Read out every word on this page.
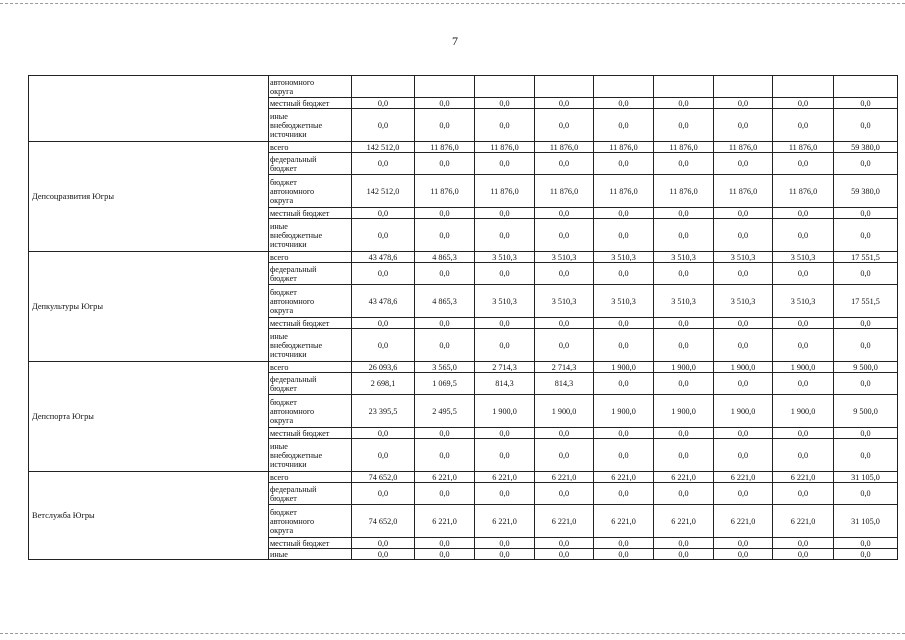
7
	автономного
округа									
	местный бюджет	0,0	0,0	0,0	0,0	0,0	0,0	0,0	0,0	0,0
	иные
внебюджетные
источники	0,0	0,0	0,0	0,0	0,0	0,0	0,0	0,0	0,0
Депсоцразвития Югры	всего	142 512,0	11 876,0	11 876,0	11 876,0	11 876,0	11 876,0	11 876,0	11 876,0	59 380,0
	федеральный
бюджет	0,0	0,0	0,0	0,0	0,0	0,0	0,0	0,0	0,0
	бюджет
автономного
округа	142 512,0	11 876,0	11 876,0	11 876,0	11 876,0	11 876,0	11 876,0	11 876,0	59 380,0
	местный бюджет	0,0	0,0	0,0	0,0	0,0	0,0	0,0	0,0	0,0
	иные
внебюджетные
источники	0,0	0,0	0,0	0,0	0,0	0,0	0,0	0,0	0,0
Депкультуры Югры	всего	43 478,6	4 865,3	3 510,3	3 510,3	3 510,3	3 510,3	3 510,3	3 510,3	17 551,5
	федеральный
бюджет	0,0	0,0	0,0	0,0	0,0	0,0	0,0	0,0	0,0
	бюджет
автономного
округа	43 478,6	4 865,3	3 510,3	3 510,3	3 510,3	3 510,3	3 510,3	3 510,3	17 551,5
	местный бюджет	0,0	0,0	0,0	0,0	0,0	0,0	0,0	0,0	0,0
	иные
внебюджетные
источники	0,0	0,0	0,0	0,0	0,0	0,0	0,0	0,0	0,0
Депспорта Югры	всего	26 093,6	3 565,0	2 714,3	2 714,3	1 900,0	1 900,0	1 900,0	1 900,0	9 500,0
	федеральный
бюджет	2 698,1	1 069,5	814,3	814,3	0,0	0,0	0,0	0,0	0,0
	бюджет
автономного
округа	23 395,5	2 495,5	1 900,0	1 900,0	1 900,0	1 900,0	1 900,0	1 900,0	9 500,0
	местный бюджет	0,0	0,0	0,0	0,0	0,0	0,0	0,0	0,0	0,0
	иные
внебюджетные
источники	0,0	0,0	0,0	0,0	0,0	0,0	0,0	0,0	0,0
Ветслужба Югры	всего	74 652,0	6 221,0	6 221,0	6 221,0	6 221,0	6 221,0	6 221,0	6 221,0	31 105,0
	федеральный
бюджет	0,0	0,0	0,0	0,0	0,0	0,0	0,0	0,0	0,0
	бюджет
автономного
округа	74 652,0	6 221,0	6 221,0	6 221,0	6 221,0	6 221,0	6 221,0	6 221,0	31 105,0
	местный бюджет	0,0	0,0	0,0	0,0	0,0	0,0	0,0	0,0	0,0
	иные	0,0	0,0	0,0	0,0	0,0	0,0	0,0	0,0	0,0
